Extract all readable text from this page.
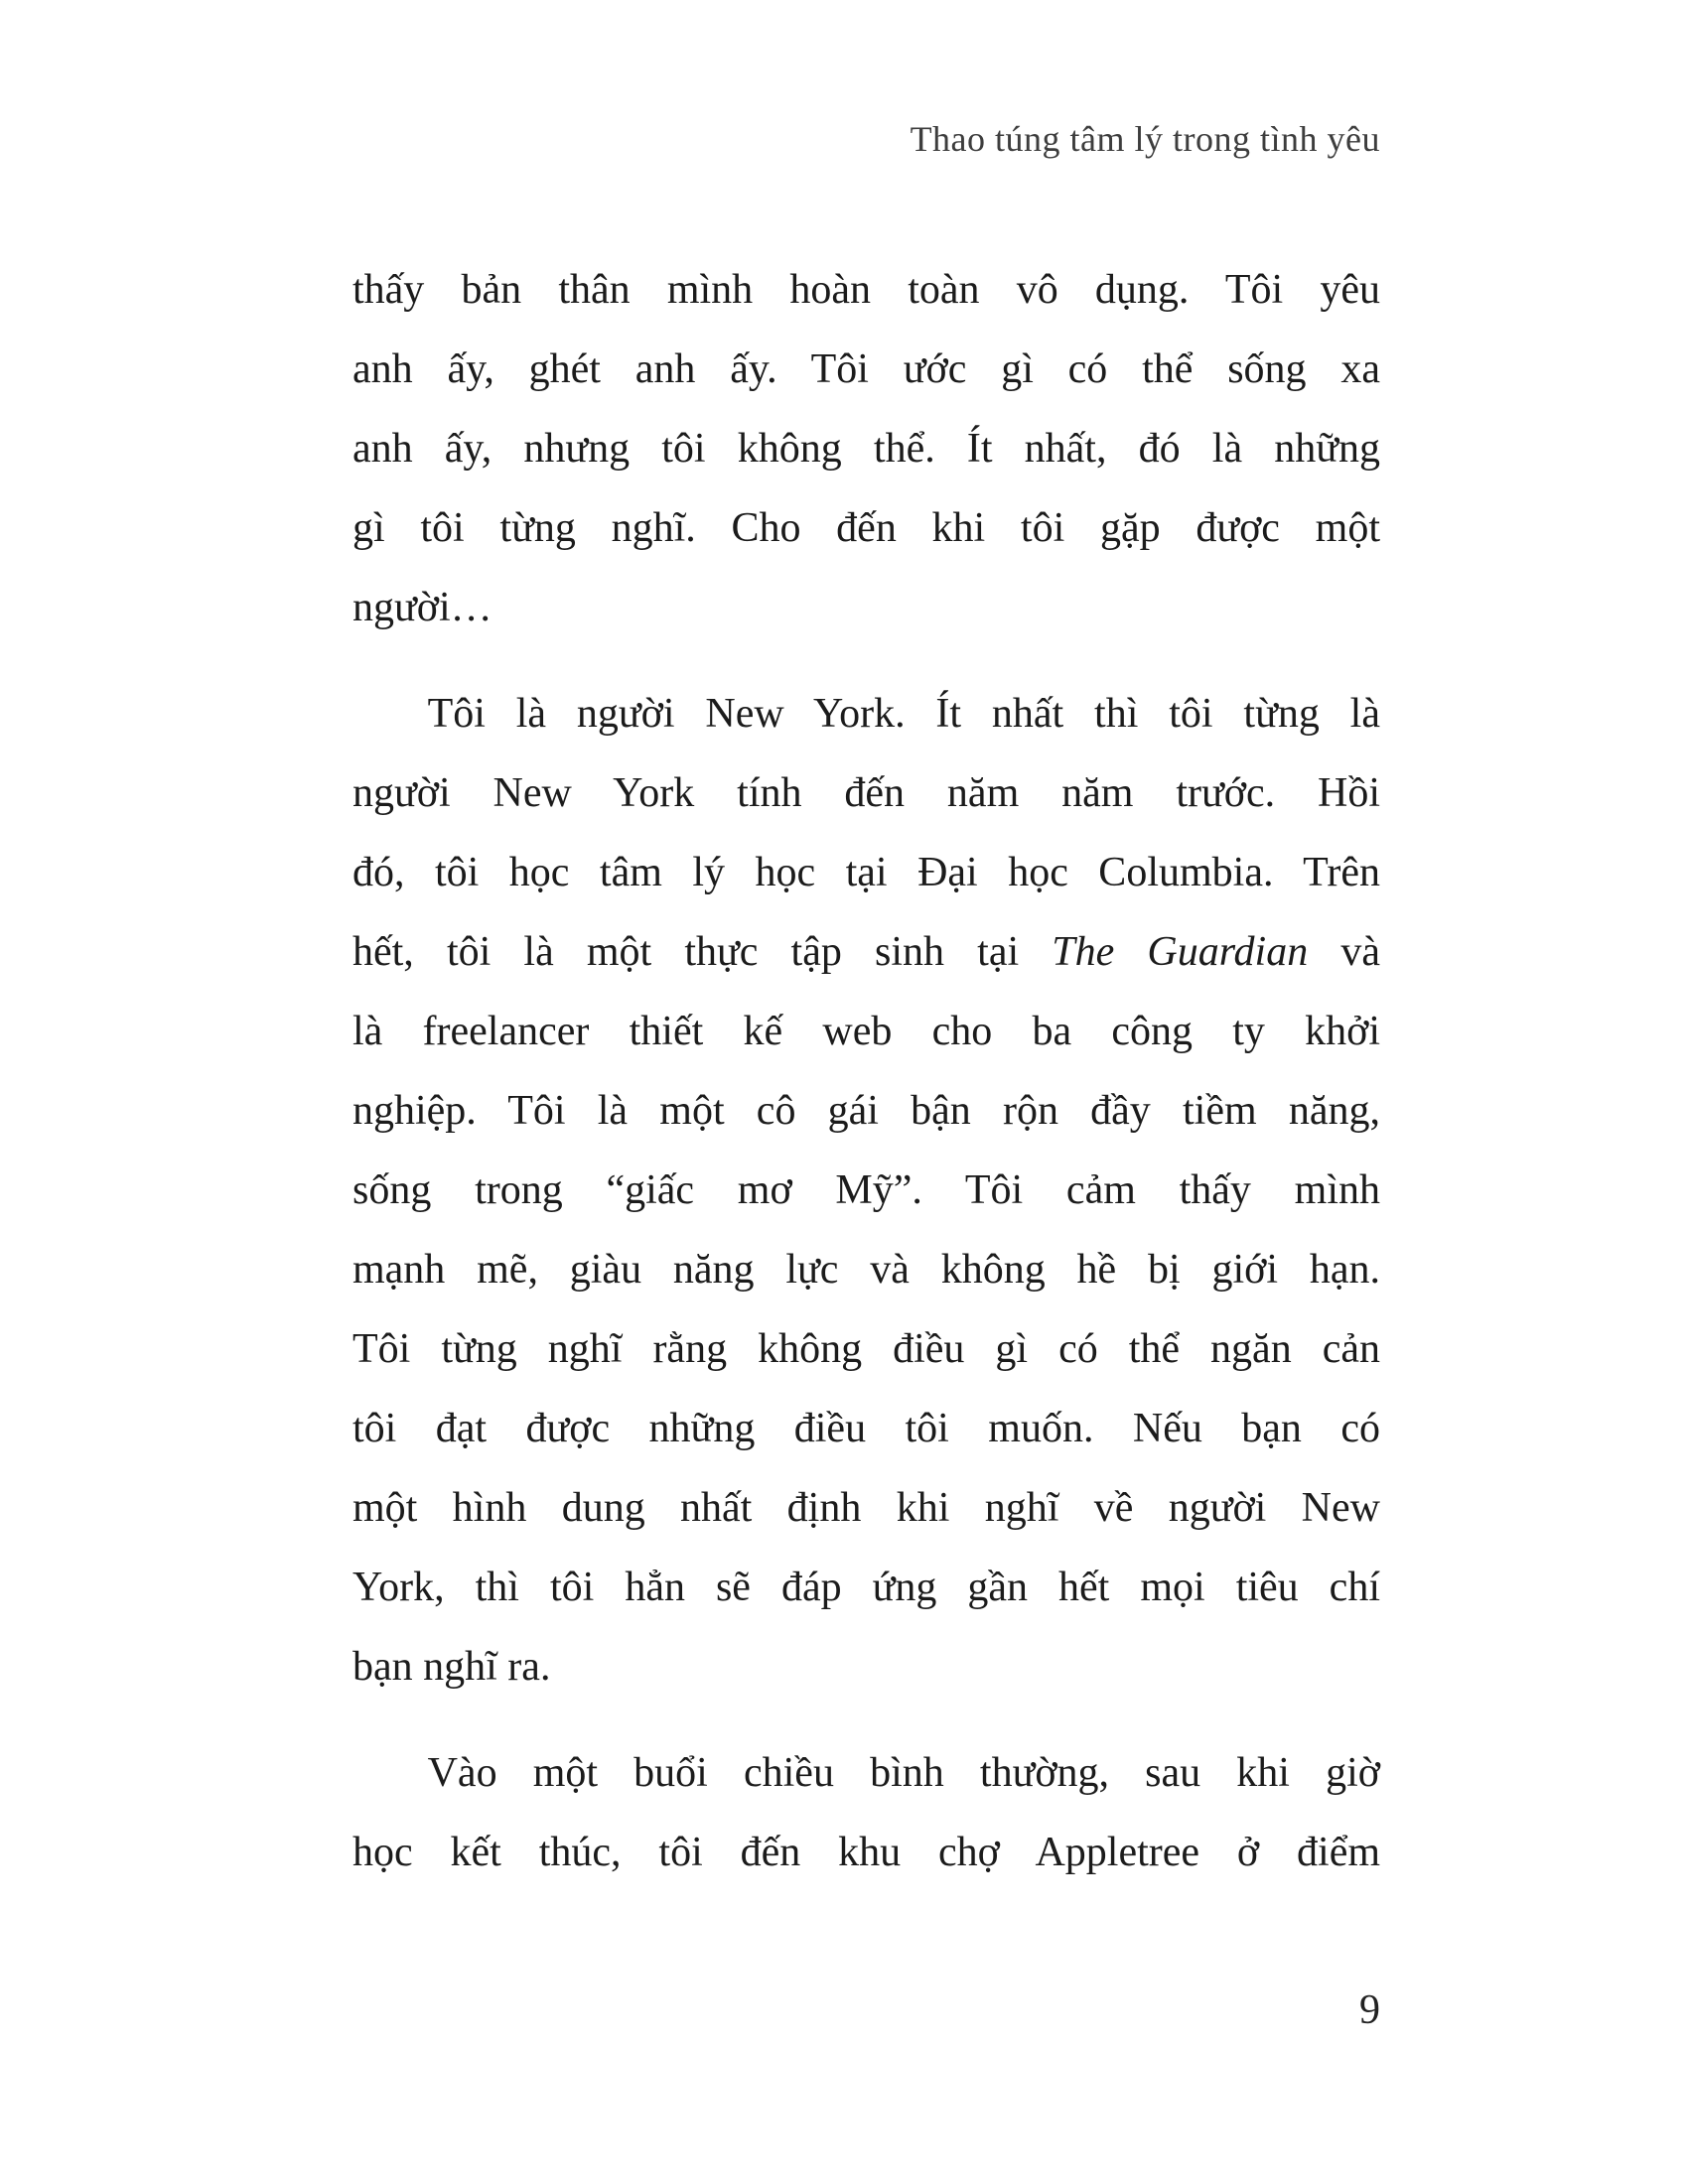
Thao túng tâm lý trong tình yêu
thấy bản thân mình hoàn toàn vô dụng. Tôi yêu
anh ấy, ghét anh ấy. Tôi ước gì có thể sống xa
anh ấy, nhưng tôi không thể. Ít nhất, đó là những
gì tôi từng nghĩ. Cho đến khi tôi gặp được một
người…
Tôi là người New York. Ít nhất thì tôi từng là
người New York tính đến năm năm trước. Hồi
đó, tôi học tâm lý học tại Đại học Columbia. Trên
hết, tôi là một thực tập sinh tại The Guardian và
là freelancer thiết kế web cho ba công ty khởi
nghiệp. Tôi là một cô gái bận rộn đầy tiềm năng,
sống trong “giấc mơ Mỹ”. Tôi cảm thấy mình
mạnh mẽ, giàu năng lực và không hề bị giới hạn.
Tôi từng nghĩ rằng không điều gì có thể ngăn cản
tôi đạt được những điều tôi muốn. Nếu bạn có
một hình dung nhất định khi nghĩ về người New
York, thì tôi hẳn sẽ đáp ứng gần hết mọi tiêu chí
bạn nghĩ ra.
Vào một buổi chiều bình thường, sau khi giờ
học kết thúc, tôi đến khu chợ Appletree ở điểm
9
